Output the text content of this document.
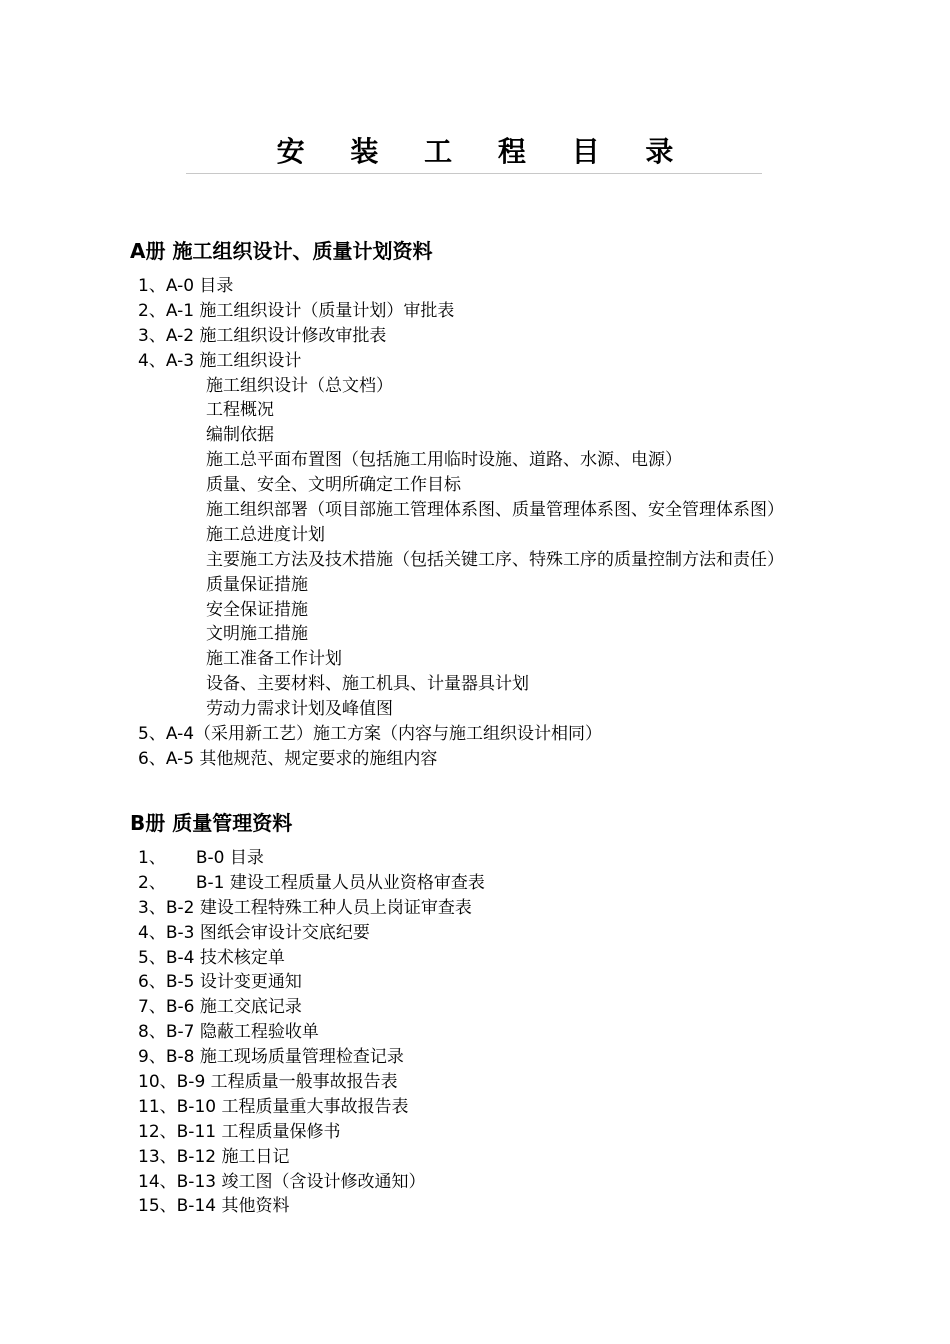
安 装 工 程 目 录
A册 施工组织设计、质量计划资料
1、A-0 目录
2、A-1 施工组织设计（质量计划）审批表
3、A-2 施工组织设计修改审批表
4、A-3 施工组织设计
施工组织设计（总文档）
工程概况
编制依据
施工总平面布置图（包括施工用临时设施、道路、水源、电源）
质量、安全、文明所确定工作目标
施工组织部署（项目部施工管理体系图、质量管理体系图、安全管理体系图）
施工总进度计划
主要施工方法及技术措施（包括关键工序、特殊工序的质量控制方法和责任）
质量保证措施
安全保证措施
文明施工措施
施工准备工作计划
设备、主要材料、施工机具、计量器具计划
劳动力需求计划及峰值图
5、A-4（采用新工艺）施工方案（内容与施工组织设计相同）
6、A-5 其他规范、规定要求的施组内容
B册 质量管理资料
1、 B-0 目录
2、 B-1 建设工程质量人员从业资格审查表
3、B-2 建设工程特殊工种人员上岗证审查表
4、B-3 图纸会审设计交底纪要
5、B-4 技术核定单
6、B-5 设计变更通知
7、B-6 施工交底记录
8、B-7 隐蔽工程验收单
9、B-8 施工现场质量管理检查记录
10、B-9 工程质量一般事故报告表
11、B-10 工程质量重大事故报告表
12、B-11 工程质量保修书
13、B-12 施工日记
14、B-13 竣工图（含设计修改通知）
15、B-14 其他资料
